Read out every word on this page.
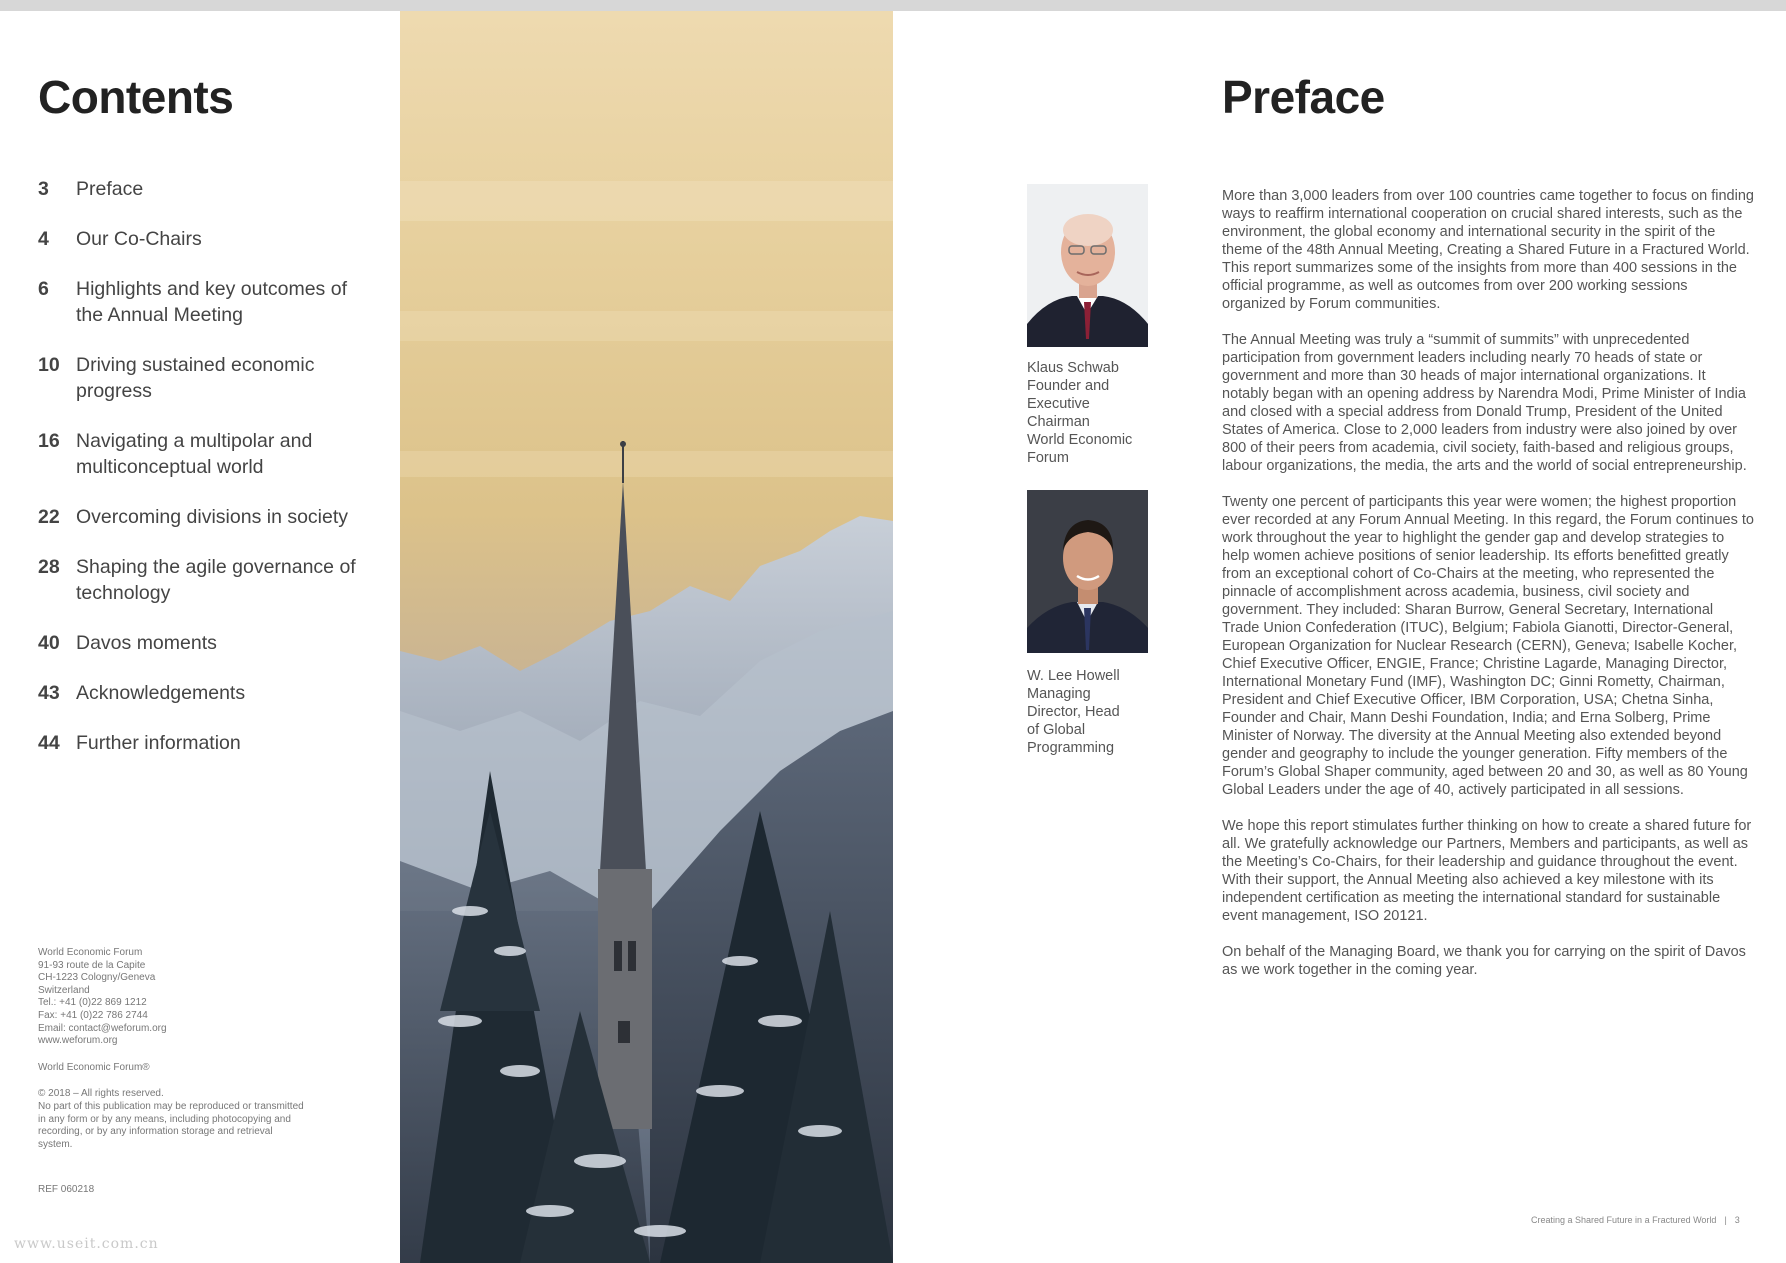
Contents
3	Preface
4	Our Co-Chairs
6	Highlights and key outcomes of the Annual Meeting
10 Driving sustained economic progress
16 Navigating a multipolar and multiconceptual world
22 Overcoming divisions in society
28 Shaping the agile governance of technology
40 Davos moments
43 Acknowledgements
44 Further information
World Economic Forum
91-93 route de la Capite
CH-1223 Cologny/Geneva
Switzerland
Tel.: +41 (0)22 869 1212
Fax: +41 (0)22 786 2744
Email: contact@weforum.org
www.weforum.org
World Economic Forum®
© 2018 – All rights reserved.
No part of this publication may be reproduced or transmitted in any form or by any means, including photocopying and recording, or by any information storage and retrieval system.
REF 060218
www.useit.com.cn
Preface
Klaus Schwab
Founder and
Executive
Chairman
World Economic
Forum
W. Lee Howell
Managing
Director, Head
of Global
Programming

More than 3,000 leaders from over 100 countries came together to focus on finding ways to reaffirm international cooperation on crucial shared interests, such as the environment, the global economy and international security in the spirit of the theme of the 48th Annual Meeting, Creating a Shared Future in a Fractured World. This report summarizes some of the insights from more than 400 sessions in the official programme, as well as outcomes from over 200 working sessions organized by Forum communities.

The Annual Meeting was truly a “summit of summits” with unprecedented participation from government leaders including nearly 70 heads of state or government and more than 30 heads of major international organizations. It notably began with an opening address by Narendra Modi, Prime Minister of India and closed with a special address from Donald Trump, President of the United States of America. Close to 2,000 leaders from industry were also joined by over 800 of their peers from academia, civil society, faith-based and religious groups, labour organizations, the media, the arts and the world of social entrepreneurship.

Twenty one percent of participants this year were women; the highest proportion ever recorded at any Forum Annual Meeting. In this regard, the Forum continues to work throughout the year to highlight the gender gap and develop strategies to help women achieve positions of senior leadership. Its efforts benefitted greatly from an exceptional cohort of Co-Chairs at the meeting, who represented the pinnacle of accomplishment across academia, business, civil society and government. They included: Sharan Burrow, General Secretary, International Trade Union Confederation (ITUC), Belgium; Fabiola Gianotti, Director-General, European Organization for Nuclear Research (CERN), Geneva; Isabelle Kocher, Chief Executive Officer, ENGIE, France; Christine Lagarde, Managing Director, International Monetary Fund (IMF), Washington DC; Ginni Rometty, Chairman, President and Chief Executive Officer, IBM Corporation, USA; Chetna Sinha, Founder and Chair, Mann Deshi Foundation, India; and Erna Solberg, Prime Minister of Norway. The diversity at the Annual Meeting also extended beyond gender and geography to include the younger generation. Fifty members of the Forum’s Global Shaper community, aged between 20 and 30, as well as 80 Young Global Leaders under the age of 40, actively participated in all sessions.

We hope this report stimulates further thinking on how to create a shared future for all. We gratefully acknowledge our Partners, Members and participants, as well as the Meeting’s Co-Chairs, for their leadership and guidance throughout the event. With their support, the Annual Meeting also achieved a key milestone with its independent certification as meeting the international standard for sustainable event management, ISO 20121.

On behalf of the Managing Board, we thank you for carrying on the spirit of Davos as we work together in the coming year.

Creating a Shared Future in a Fractured World | 3
